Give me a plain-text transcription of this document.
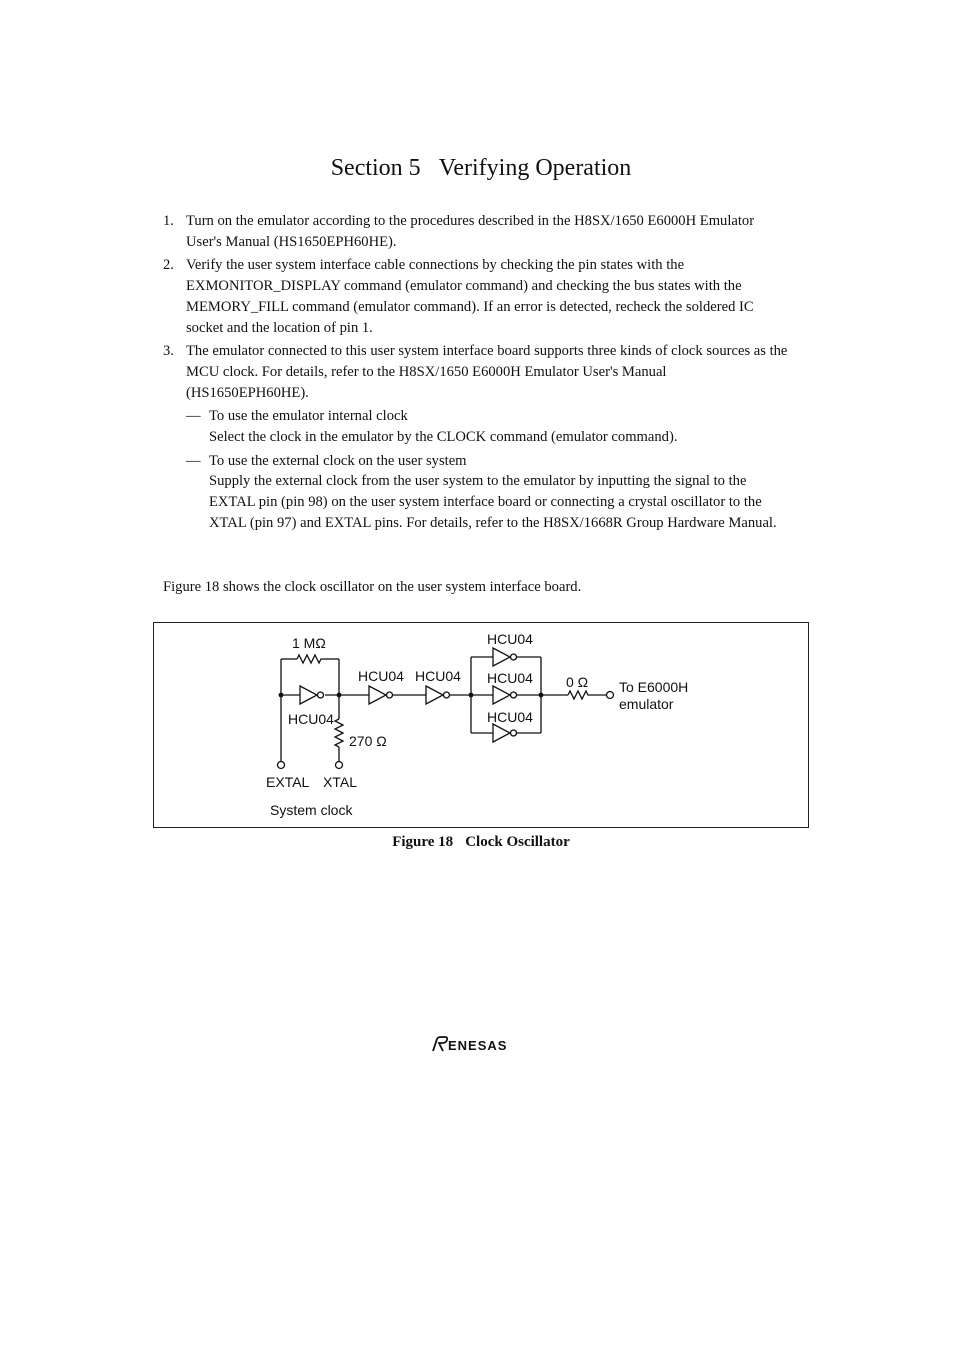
Section 5 Verifying Operation
1. Turn on the emulator according to the procedures described in the H8SX/1650 E6000H Emulator User's Manual (HS1650EPH60HE).
2. Verify the user system interface cable connections by checking the pin states with the EXMONITOR_DISPLAY command (emulator command) and checking the bus states with the MEMORY_FILL command (emulator command). If an error is detected, recheck the soldered IC socket and the location of pin 1.
3. The emulator connected to this user system interface board supports three kinds of clock sources as the MCU clock. For details, refer to the H8SX/1650 E6000H Emulator User's Manual (HS1650EPH60HE).
— To use the emulator internal clock
Select the clock in the emulator by the CLOCK command (emulator command).
— To use the external clock on the user system
Supply the external clock from the user system to the emulator by inputting the signal to the EXTAL pin (pin 98) on the user system interface board or connecting a crystal oscillator to the XTAL (pin 97) and EXTAL pins. For details, refer to the H8SX/1668R Group Hardware Manual.
Figure 18 shows the clock oscillator on the user system interface board.
1 MΩ
HCU04
HCU04 HCU04
HCU04
HCU04
HCU04
270 Ω
0 Ω To E6000H
emulator
EXTAL XTAL
System clock
Figure 18 Clock Oscillator
ENESAS
